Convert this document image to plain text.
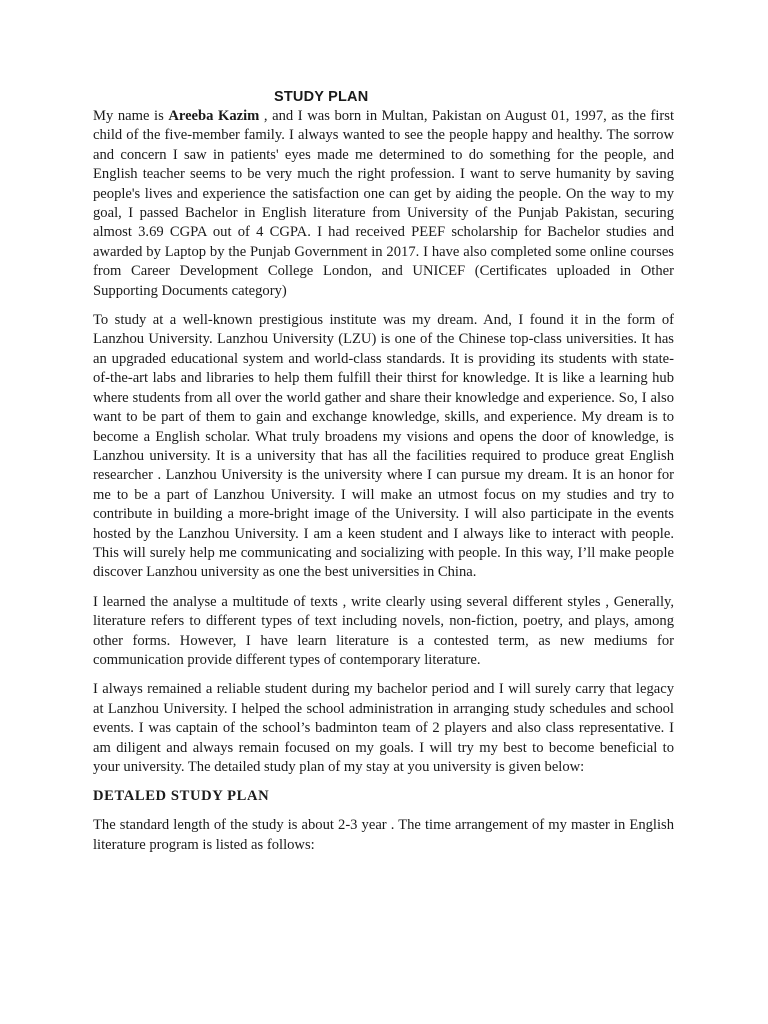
STUDY PLAN

My name is Areeba Kazim , and I was born in Multan, Pakistan on August 01, 1997, as the first child of the five-member family. I always wanted to see the people happy and healthy. The sorrow and concern I saw in patients' eyes made me determined to do something for the people, and English teacher seems to be very much the right profession. I want to serve humanity by saving people's lives and experience the satisfaction one can get by aiding the people. On the way to my goal, I passed Bachelor in English literature from University of the Punjab Pakistan, securing almost 3.69 CGPA out of 4 CGPA. I had received PEEF scholarship for Bachelor studies and awarded by Laptop by the Punjab Government in 2017. I have also completed some online courses from Career Development College London, and UNICEF (Certificates uploaded in Other Supporting Documents category)

To study at a well-known prestigious institute was my dream. And, I found it in the form of Lanzhou University. Lanzhou University (LZU) is one of the Chinese top-class universities. It has an upgraded educational system and world-class standards. It is providing its students with state-of-the-art labs and libraries to help them fulfill their thirst for knowledge. It is like a learning hub where students from all over the world gather and share their knowledge and experience. So, I also want to be part of them to gain and exchange knowledge, skills, and experience. My dream is to become a English scholar. What truly broadens my visions and opens the door of knowledge, is Lanzhou university. It is a university that has all the facilities required to produce great English researcher . Lanzhou University is the university where I can pursue my dream. It is an honor for me to be a part of Lanzhou University. I will make an utmost focus on my studies and try to contribute in building a more-bright image of the University. I will also participate in the events hosted by the Lanzhou University. I am a keen student and I always like to interact with people. This will surely help me communicating and socializing with people. In this way, I’ll make people discover Lanzhou university as one the best universities in China.

I learned the analyse a multitude of texts , write clearly using several different styles , Generally, literature refers to different types of text including novels, non-fiction, poetry, and plays, among other forms. However, I have learn literature is a contested term, as new mediums for communication provide different types of contemporary literature.

I always remained a reliable student during my bachelor period and I will surely carry that legacy at Lanzhou University. I helped the school administration in arranging study schedules and school events. I was captain of the school’s badminton team of 2 players and also class representative. I am diligent and always remain focused on my goals. I will try my best to become beneficial to your university. The detailed study plan of my stay at you university is given below:

DETALED STUDY PLAN

The standard length of the study is about 2-3 year . The time arrangement of my master in English literature program is listed as follows:
